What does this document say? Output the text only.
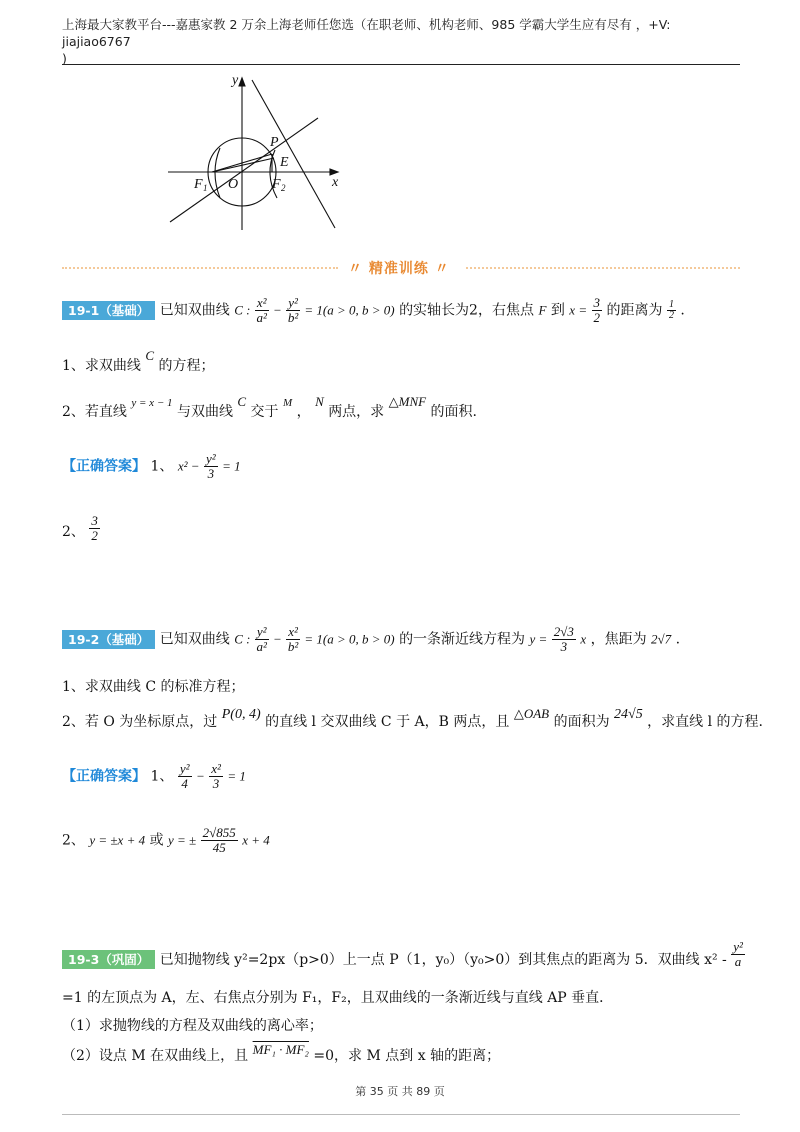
上海最大家教平台---嘉惠家教 2 万余上海老师任您选（在职老师、机构老师、985 学霸大学生应有尽有 ，+V: jiajiao6767
)
y
x
O
P
E
F 1	F 2
〃 精准训练 〃
19-1（基础） 已知双曲线 C : $\frac{\text{x²}}{\text{a²}} - \frac{\text{y²}}{\text{b²}} = 1(a > 0$, b > 0) 的实轴长为2，右焦点 F 到 $x = \frac{3}{2}$ 的距离为 $\frac{1}{2}$ .
1、求双曲线 C 的方程；
2、若直线 $^{y = x - 1}$ 与双曲线 C 交于 $^M$ ， N 两点，求 △MNF 的面积.
【正确答案】 1、 $x^2 - \frac{\text{y²}}{3} = 1$
2、 $\frac{3}{2}$
19-2（基础） 已知双曲线 C : $\frac{\text{y²}}{\text{a²}} - \frac{\text{x²}}{\text{b²}} = 1(a > 0$, b > 0) 的一条渐近线方程为 $y = \frac{2√3}{3}$ x ，焦距为 2√7 .
1、求双曲线 C 的标准方程；
2、若 O 为坐标原点，过 P(0, 4) 的直线 l 交双曲线 C 于 A，B 两点，且 △OAB 的面积为 24√5 ，求直线 l 的方程.
【正确答案】 1、 $\frac{\text{y²}}{4} - \frac{\text{x²}}{3} = 1$
2、 y = ±x + 4 或 y = ± $\frac{2√855}{45}$ x + 4
19-3（巩固） 已知抛物线 y²=2px（p>0）上一点 P（1，y₀）（y₀>0）到其焦点的距离为 5．双曲线 $x^2 - \frac{\text{y²}}{a}$
=1 的左顶点为 A，左、右焦点分别为 F₁，F₂，且双曲线的一条渐近线与直线 AP 垂直．
（1）求抛物线的方程及双曲线的离心率；
（2）设点 M 在双曲线上，且 MF₁ · MF₂ =0，求 M 点到 x 轴的距离；
第 35 页 共 89 页
